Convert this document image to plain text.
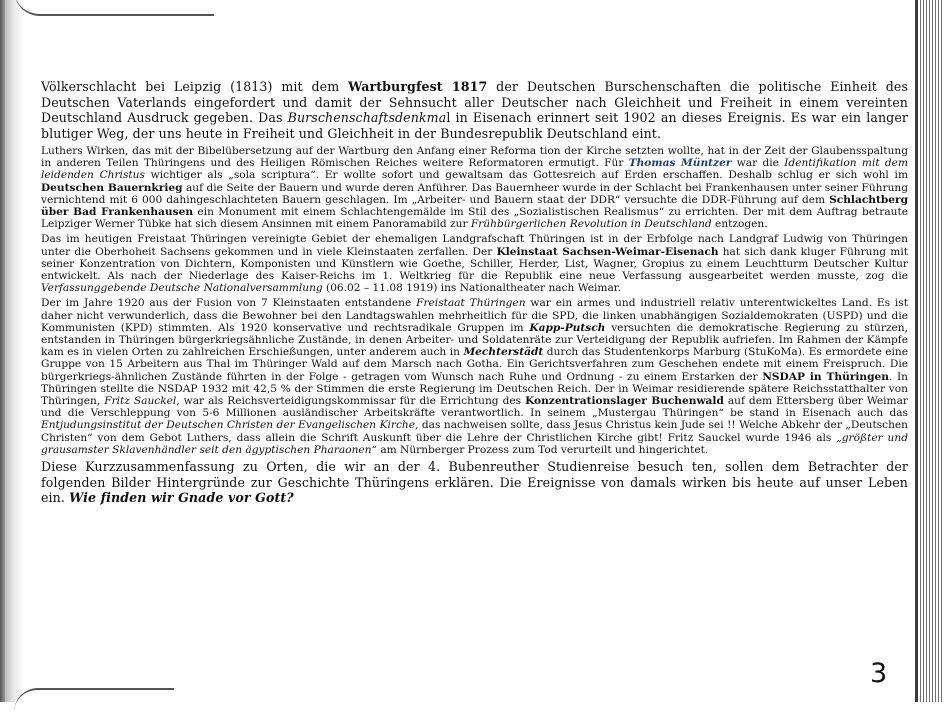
Völkerschlacht bei Leipzig (1813) mit dem Wartburgfest 1817 der Deutschen Burschenschaften die politische Einheit des Deutschen Vaterlands eingefordert und damit der Sehnsucht aller Deutscher nach Gleichheit und Freiheit in einem vereinten Deutschland Ausdruck gegeben. Das Burschenschaftsdenkmal in Eisenach erinnert seit 1902 an dieses Ereignis. Es war ein langer blutiger Weg, der uns heute in Freiheit und Gleichheit in der Bundesrepublik Deutschland eint.

Luthers Wirken, das mit der Bibelübersetzung auf der Wartburg den Anfang einer Reforma tion der Kirche setzten wollte, hat in der Zeit der Glaubensspaltung in anderen Teilen Thüringens und des Heiligen Römischen Reiches weitere Reformatoren ermutigt. Für Thomas Müntzer war die Identifikation mit dem leidenden Christus wichtiger als „sola scriptura“. Er wollte sofort und gewaltsam das Gottesreich auf Erden erschaffen. Deshalb schlug er sich wohl im Deutschen Bauernkrieg auf die Seite der Bauern und wurde deren Anführer. Das Bauernheer wurde in der Schlacht bei Frankenhausen unter seiner Führung vernichtend mit 6 000 dahingeschlachteten Bauern geschlagen. Im „Arbeiter- und Bauern staat der DDR“ versuchte die DDR-Führung auf dem Schlachtberg über Bad Frankenhausen ein Monument mit einem Schlachtengemälde im Stil des „Sozialistischen Realismus“ zu errichten. Der mit dem Auftrag betraute Leipziger Werner Tübke hat sich diesem Ansinnen mit einem Panoramabild zur Frühbürgerlichen Revolution in Deutschland entzogen.

Das im heutigen Freistaat Thüringen vereinigte Gebiet der ehemaligen Landgrafschaft Thüringen ist in der Erbfolge nach Landgraf Ludwig von Thüringen unter die Oberhoheit Sachsens gekommen und in viele Kleinstaaten zerfallen. Der Kleinstaat Sachsen-Weimar-Eisenach hat sich dank kluger Führung mit seiner Konzentration von Dichtern, Komponisten und Künstlern wie Goethe, Schiller, Herder, List, Wagner, Gropius zu einem Leuchtturm Deutscher Kultur entwickelt. Als nach der Niederlage des Kaiser-Reichs im 1. Weltkrieg für die Republik eine neue Verfassung ausgearbeitet werden musste, zog die Verfassunggebende Deutsche Nationalversammlung (06.02 – 11.08 1919) ins Nationaltheater nach Weimar.

Der im Jahre 1920 aus der Fusion von 7 Kleinstaaten entstandene Freistaat Thüringen war ein armes und industriell relativ unterentwickeltes Land. Es ist daher nicht verwunderlich, dass die Bewohner bei den Landtagswahlen mehrheitlich für die SPD, die linken unabhängigen Sozialdemokraten (USPD) und die Kommunisten (KPD) stimmten. Als 1920 konservative und rechtsradikale Gruppen im Kapp-Putsch versuchten die demokratische Regierung zu stürzen, entstanden in Thüringen bürgerkriegsähnliche Zustände, in denen Arbeiter- und Soldatenräte zur Verteidigung der Republik aufriefen. Im Rahmen der Kämpfe kam es in vielen Orten zu zahlreichen Erschießungen, unter anderem auch in Mechterstädt durch das Studentenkorps Marburg (StuKoMa). Es ermordete eine Gruppe von 15 Arbeitern aus Thal im Thüringer Wald auf dem Marsch nach Gotha. Ein Gerichtsverfahren zum Geschehen endete mit einem Freispruch. Die bürgerkriegs-ähnlichen Zustände führten in der Folge - getragen vom Wunsch nach Ruhe und Ordnung - zu einem Erstarken der NSDAP in Thüringen. In Thüringen stellte die NSDAP 1932 mit 42,5 % der Stimmen die erste Regierung im Deutschen Reich. Der in Weimar residierende spätere Reichsstatthalter von Thüringen, Fritz Sauckel, war als Reichsverteidigungskommissar für die Errichtung des Konzentrationslager Buchenwald auf dem Ettersberg über Weimar und die Verschleppung von 5-6 Millionen ausländischer Arbeitskräfte verantwortlich. In seinem „Mustergau Thüringen“ be stand in Eisenach auch das Entjudungsinstitut der Deutschen Christen der Evangelischen Kirche, das nachweisen sollte, dass Jesus Christus kein Jude sei !! Welche Abkehr der „Deutschen Christen“ von dem Gebot Luthers, dass allein die Schrift Auskunft über die Lehre der Christlichen Kirche gibt! Fritz Sauckel wurde 1946 als „größter und grausamster Sklavenhändler seit den ägyptischen Pharaonen“ am Nürnberger Prozess zum Tod verurteilt und hingerichtet.

Diese Kurzzusammenfassung zu Orten, die wir an der 4. Bubenreuther Studienreise besuch ten, sollen dem Betrachter der folgenden Bilder Hintergründe zur Geschichte Thüringens erklären. Die Ereignisse von damals wirken bis heute auf unser Leben ein. Wie finden wir Gnade vor Gott?

3
